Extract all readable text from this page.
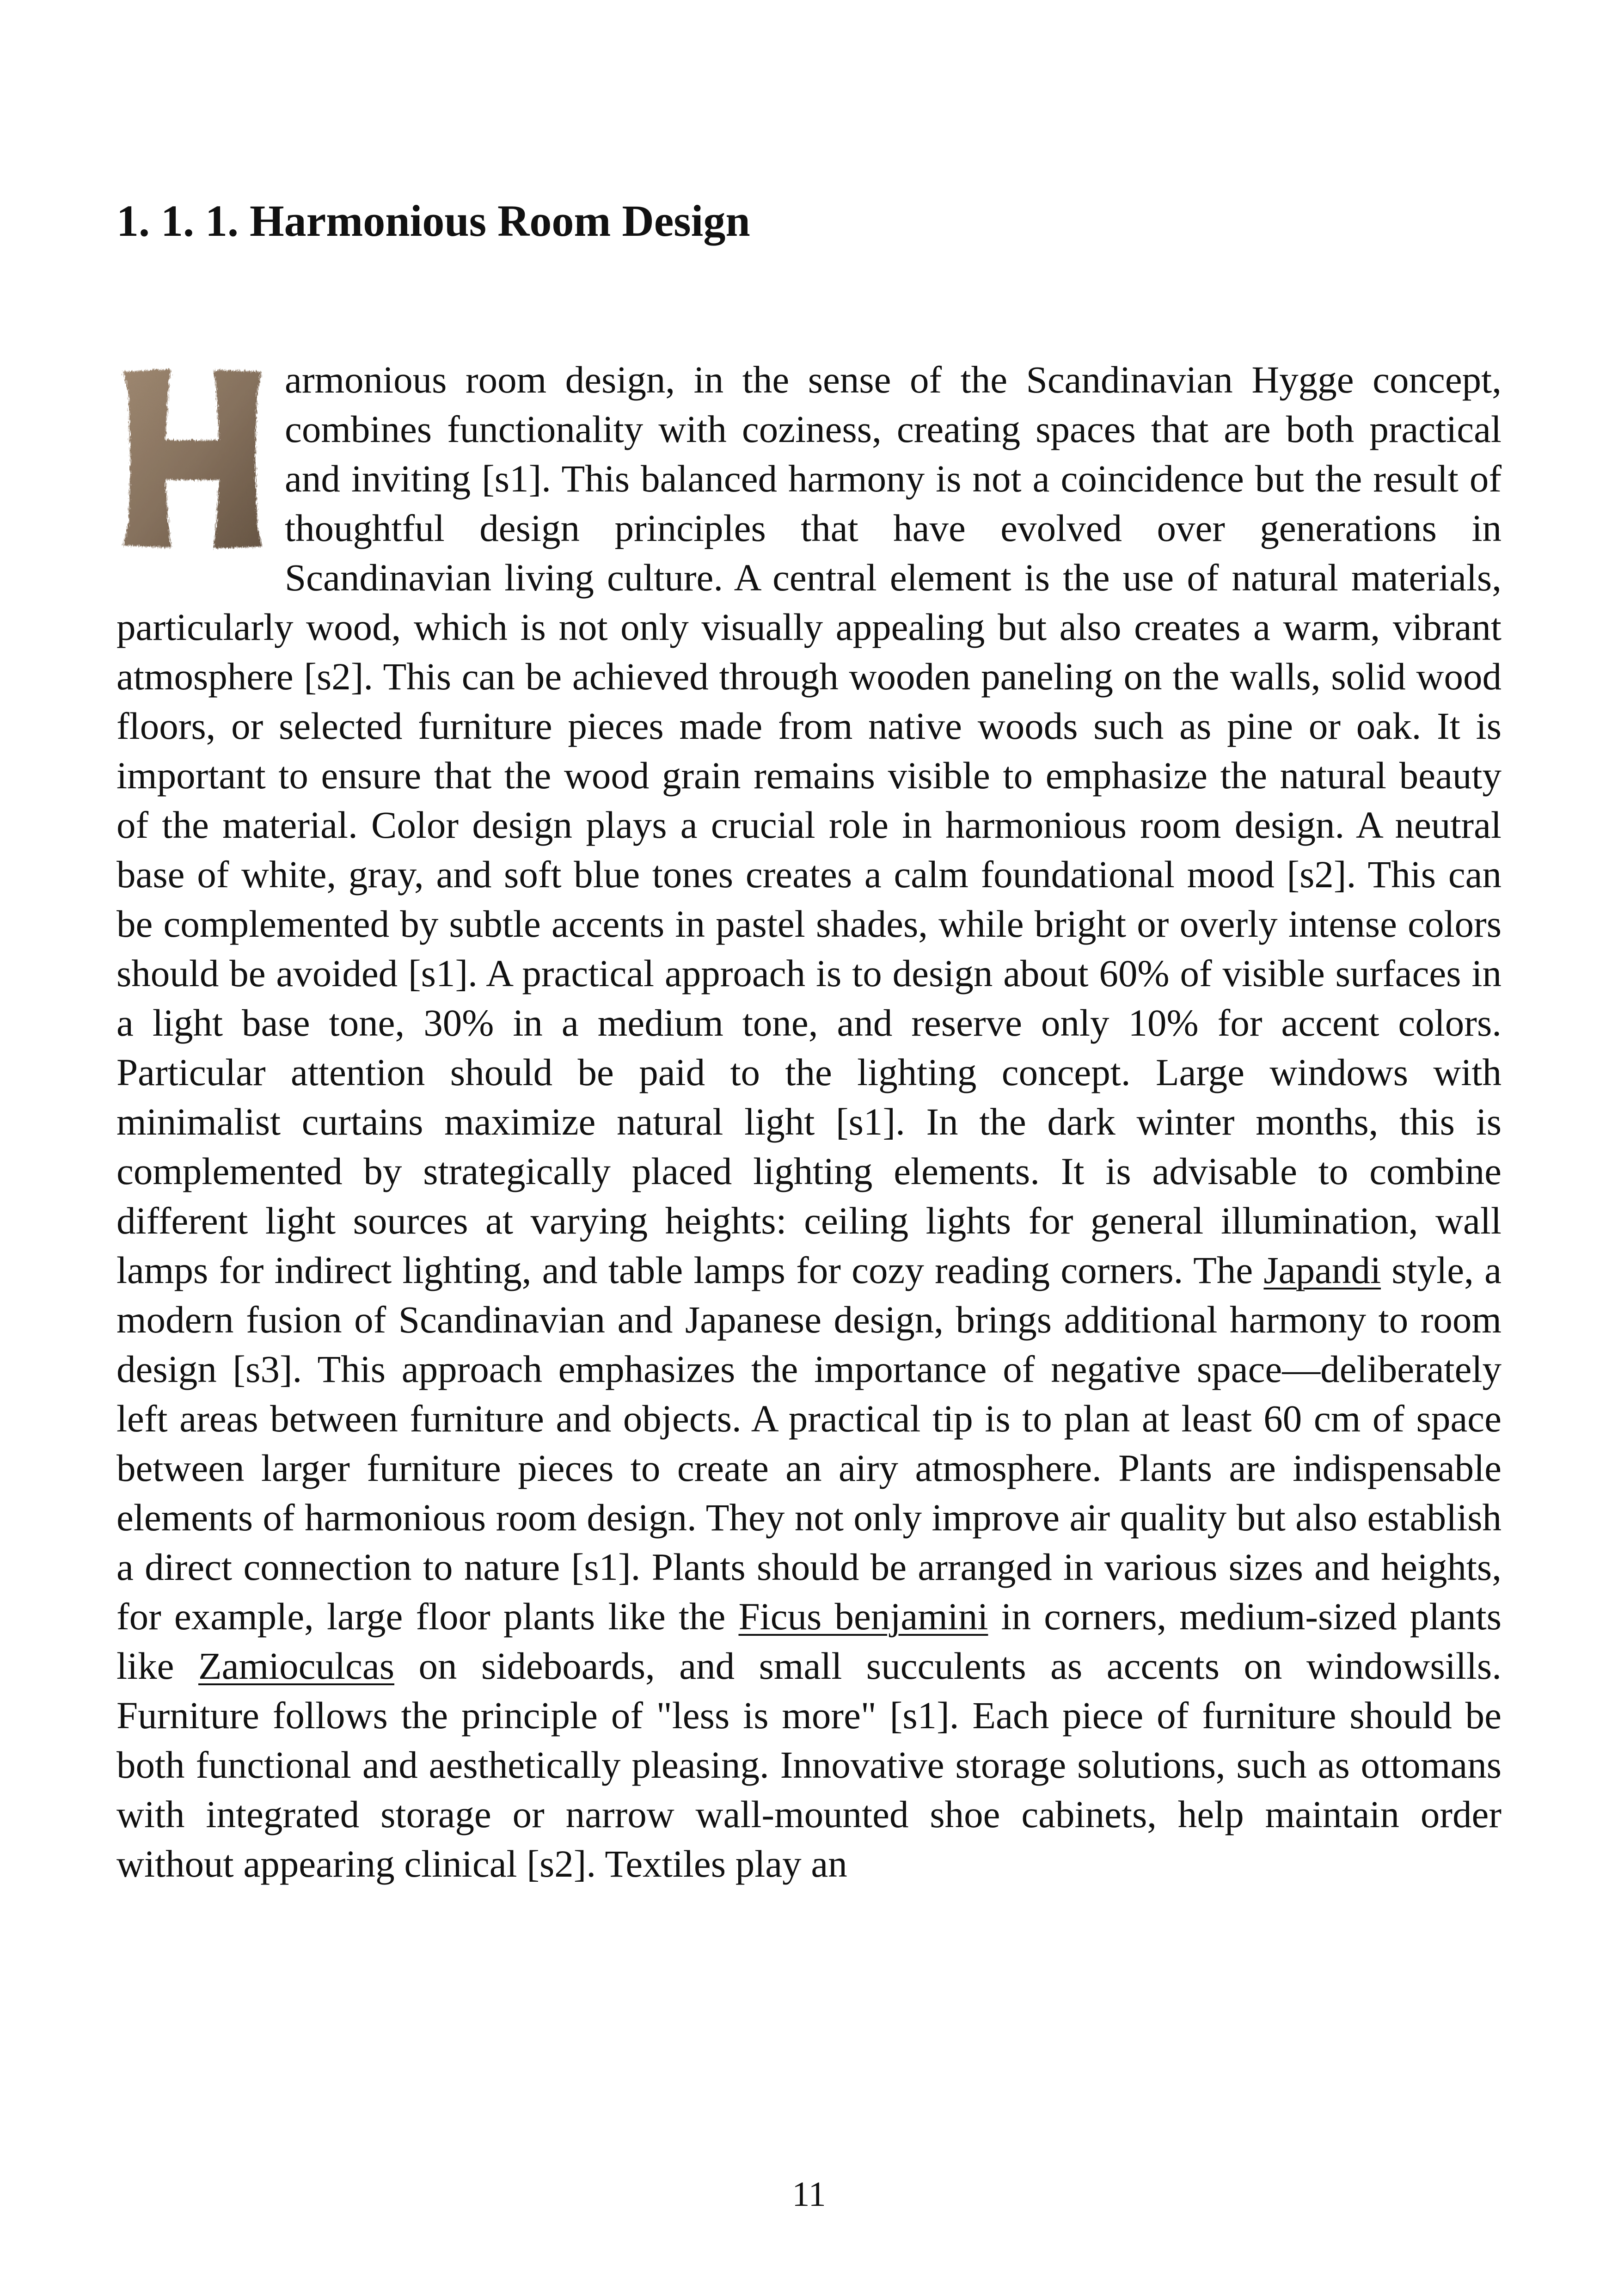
1. 1. 1. Harmonious Room Design

armonious room design, in the sense of the Scandinavian Hygge concept, combines functionality with coziness, creating spaces that are both practical and inviting [s1]. This balanced harmony is not a coincidence but the result of thoughtful design principles that have evolved over generations in Scandinavian living culture. A central element is the use of natural materials, particularly wood, which is not only visually appealing but also creates a warm, vibrant atmosphere [s2]. This can be achieved through wooden paneling on the walls, solid wood floors, or selected furniture pieces made from native woods such as pine or oak. It is important to ensure that the wood grain remains visible to emphasize the natural beauty of the material. Color design plays a crucial role in harmonious room design. A neutral base of white, gray, and soft blue tones creates a calm foundational mood [s2]. This can be complemented by subtle accents in pastel shades, while bright or overly intense colors should be avoided [s1]. A practical approach is to design about 60% of visible surfaces in a light base tone, 30% in a medium tone, and reserve only 10% for accent colors. Particular attention should be paid to the lighting concept. Large windows with minimalist curtains maximize natural light [s1]. In the dark winter months, this is complemented by strategically placed lighting elements. It is advisable to combine different light sources at varying heights: ceiling lights for general illumination, wall lamps for indirect lighting, and table lamps for cozy reading corners. The Japandi style, a modern fusion of Scandinavian and Japanese design, brings additional harmony to room design [s3]. This approach emphasizes the importance of negative space—deliberately left areas between furniture and objects. A practical tip is to plan at least 60 cm of space between larger furniture pieces to create an airy atmosphere. Plants are indispensable elements of harmonious room design. They not only improve air quality but also establish a direct connection to nature [s1]. Plants should be arranged in various sizes and heights, for example, large floor plants like the Ficus benjamini in corners, medium-sized plants like Zamioculcas on sideboards, and small succulents as accents on windowsills. Furniture follows the principle of "less is more" [s1]. Each piece of furniture should be both functional and aesthetically pleasing. Innovative storage solutions, such as ottomans with integrated storage or narrow wall-mounted shoe cabinets, help maintain order without appearing clinical [s2]. Textiles play an

11
